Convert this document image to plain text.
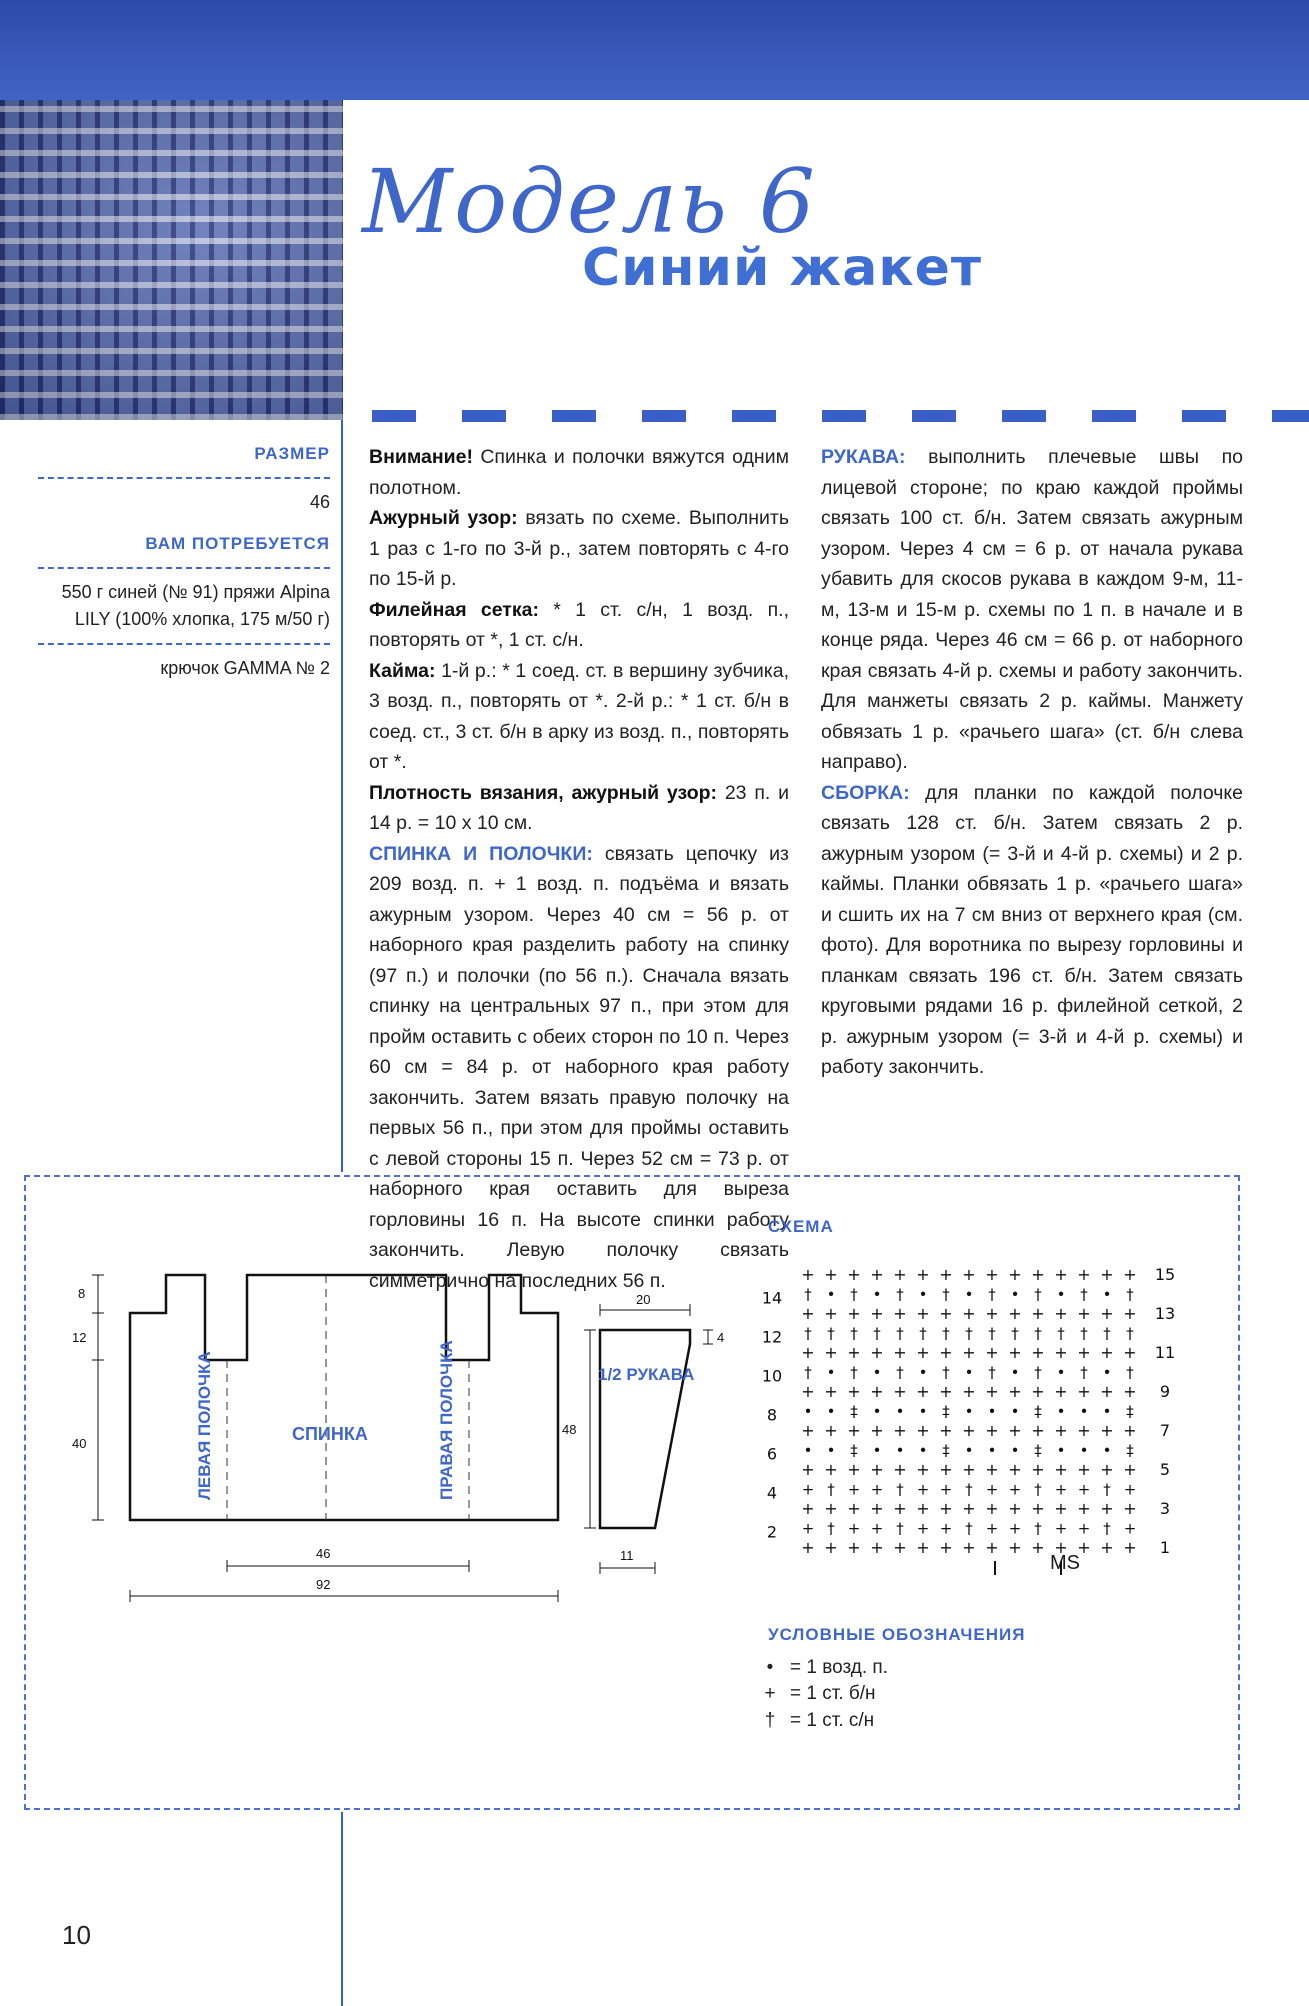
Модель 6
Синий жакет
РАЗМЕР
46
ВАМ ПОТРЕБУЕТСЯ
550 г синей (№ 91) пряжи Alpina LILY (100% хлопка, 175 м/50 г)
крючок GAMMA № 2

Внимание! Спинка и полочки вяжутся одним полотном.

Ажурный узор: вязать по схеме. Выполнить 1 раз с 1-го по 3-й р., затем повторять с 4-го по 15-й р.

Филейная сетка: * 1 ст. с/н, 1 возд. п., повторять от *, 1 ст. с/н.

Кайма: 1-й р.: * 1 соед. ст. в вершину зубчика, 3 возд. п., повторять от *. 2-й р.: * 1 ст. б/н в соед. ст., 3 ст. б/н в арку из возд. п., повторять от *.

Плотность вязания, ажурный узор: 23 п. и 14 р. = 10 х 10 см.

СПИНКА И ПОЛОЧКИ: связать цепочку из 209 возд. п. + 1 возд. п. подъёма и вязать ажурным узором. Через 40 см = 56 р. от наборного края разделить работу на спинку (97 п.) и полочки (по 56 п.). Сначала вязать спинку на центральных 97 п., при этом для пройм оставить с обеих сторон по 10 п. Через 60 см = 84 р. от наборного края работу закончить. Затем вязать правую полочку на первых 56 п., при этом для проймы оставить с левой стороны 15 п. Через 52 см = 73 р. от наборного края оставить для выреза горловины 16 п. На высоте спинки работу закончить. Левую полочку связать симметрично на последних 56 п.

РУКАВА: выполнить плечевые швы по лицевой стороне; по краю каждой проймы связать 100 ст. б/н. Затем связать ажурным узором. Через 4 см = 6 р. от начала рукава убавить для скосов рукава в каждом 9-м, 11-м, 13-м и 15-м р. схемы по 1 п. в начале и в конце ряда. Через 46 см = 66 р. от наборного края связать 4-й р. схемы и работу закончить. Для манжеты связать 2 р. каймы. Манжету обвязать 1 р. «рачьего шага» (ст. б/н слева направо).

СБОРКА: для планки по каждой полочке связать 128 ст. б/н. Затем связать 2 р. ажурным узором (= 3-й и 4-й р. схемы) и 2 р. каймы. Планки обвязать 1 р. «рачьего шага» и сшить их на 7 см вниз от верхнего края (см. фото). Для воротника по вырезу горловины и планкам связать 196 ст. б/н. Затем связать круговыми рядами 16 р. филейной сеткой, 2 р. ажурным узором (= 3-й и 4-й р. схемы) и работу закончить.

8
12
40
46
92
СПИНКА
ЛЕВАЯ ПОЛОЧКА	ПРАВАЯ ПОЛОЧКА
20
4
48
11
1/2 РУКАВА
СХЕМА
+ + + + + + + + + + + + + + +
+ † + + † + + † + + † + + † +
+ + + + + + + + + + + + + + +
+ † + + † + + † + + † + + † +
+ + + + + + + + + + + + + + +
• • ‡ • • • ‡ • • • ‡ • • • ‡
+ + + + + + + + + + + + + + +
• • ‡ • • • ‡ • • • ‡ • • • ‡
+ + + + + + + + + + + + + + +
† • † • † • † • † • † • † • †
+ + + + + + + + + + + + + + +
† † † † † † † † † † † † † † †
+ + + + + + + + + + + + + + +
† • † • † • † • † • † • † • †
+ + + + + + + + + + + + + + +
14
12
10
8
6
4
2
15
13
11
9
7
5
3
1
MS
УСЛОВНЫЕ ОБОЗНАЧЕНИЯ
• = 1 возд. п.
+ = 1 ст. б/н
† = 1 ст. с/н
10
